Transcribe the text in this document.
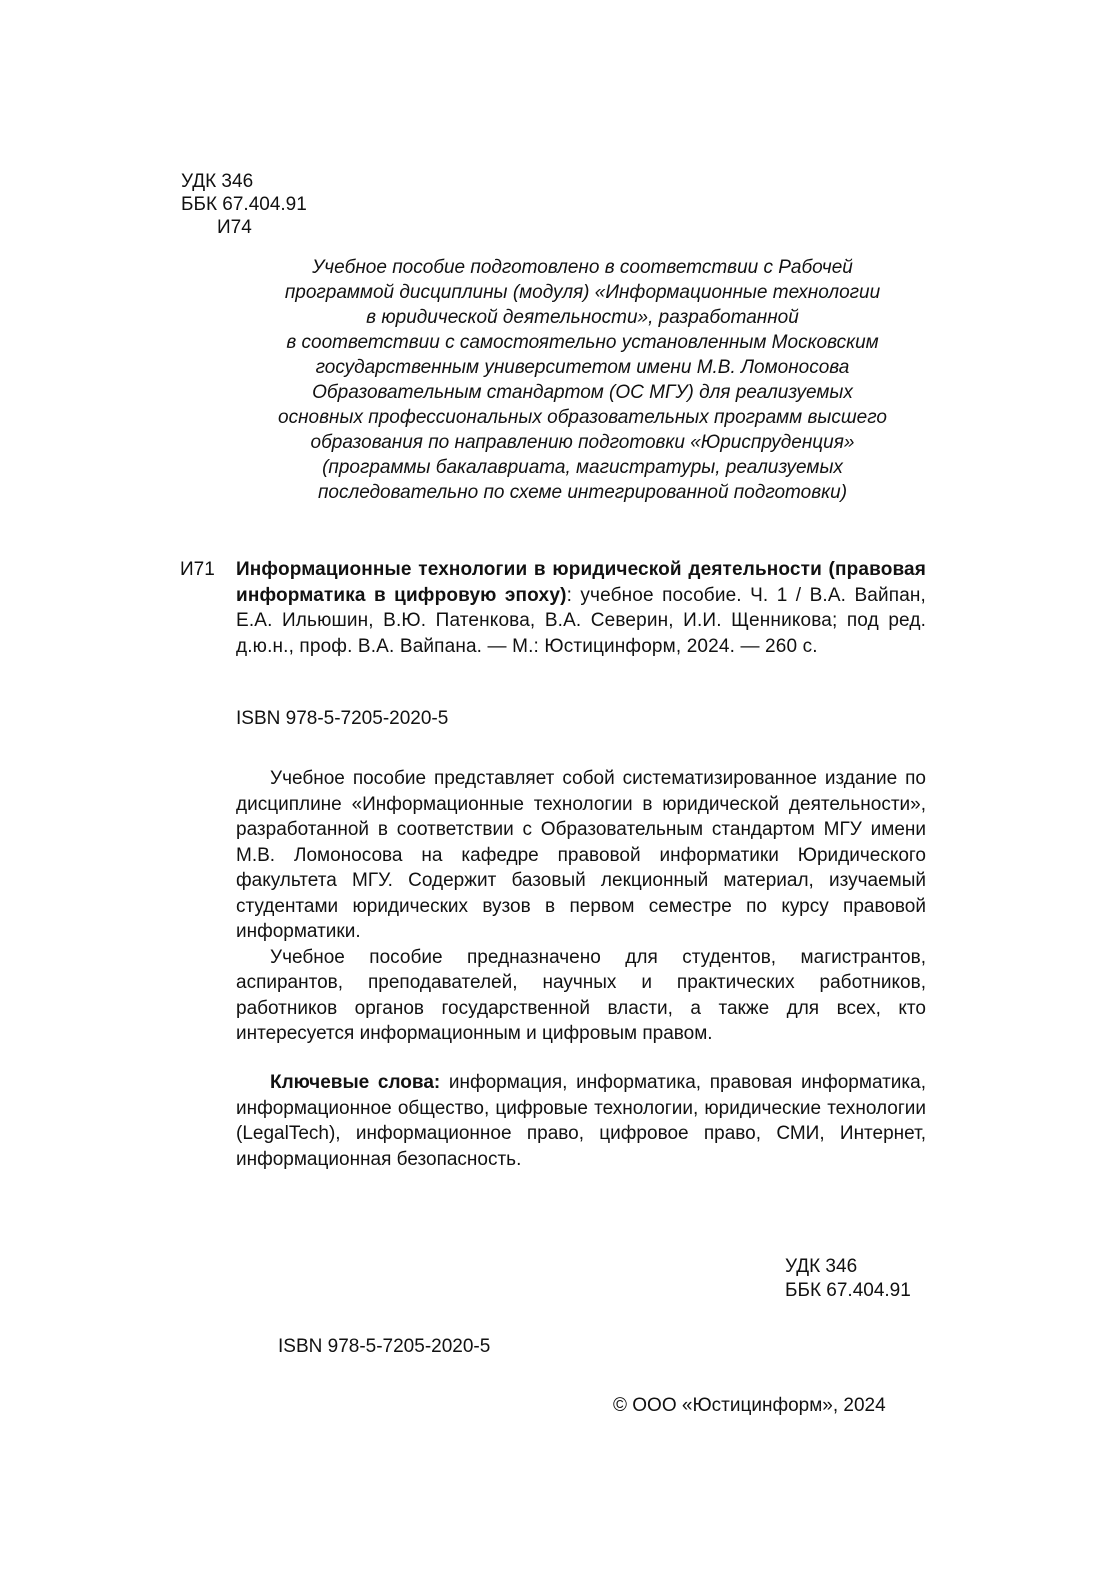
УДК 346
ББК 67.404.91
И74
Учебное пособие подготовлено в соответствии с Рабочей
программой дисциплины (модуля) «Информационные технологии
в юридической деятельности», разработанной
в соответствии с самостоятельно установленным Московским
государственным университетом имени М.В. Ломоносова
Образовательным стандартом (ОС МГУ) для реализуемых
основных профессиональных образовательных программ высшего
образования по направлению подготовки «Юриспруденция»
(программы бакалавриата, магистратуры, реализуемых
последовательно по схеме интегрированной подготовки)
И71 Информационные технологии в юридической деятельности (правовая информатика в цифровую эпоху): учебное пособие. Ч. 1 / В.А. Вайпан, Е.А. Ильюшин, В.Ю. Патенкова, В.А. Северин, И.И. Щенникова; под ред. д.ю.н., проф. В.А. Вайпана. — М.: Юстицинформ, 2024. — 260 с.
ISBN 978-5-7205-2020-5

Учебное пособие представляет собой систематизированное издание по дисциплине «Информационные технологии в юридической деятельности», разработанной в соответствии с Образовательным стандартом МГУ имени М.В. Ломоносова на кафедре правовой информатики Юридического факультета МГУ. Содержит базовый лекционный материал, изучаемый студентами юридических вузов в первом семестре по курсу правовой информатики.

Учебное пособие предназначено для студентов, магистрантов, аспирантов, преподавателей, научных и практических работников, работников органов государственной власти, а также для всех, кто интересуется информационным и цифровым правом.

Ключевые слова: информация, информатика, правовая информатика, информационное общество, цифровые технологии, юридические технологии (LegalTech), информационное право, цифровое право, СМИ, Интернет, информационная безопасность.
УДК 346
ББК 67.404.91
ISBN 978-5-7205-2020-5
© ООО «Юстицинформ», 2024
